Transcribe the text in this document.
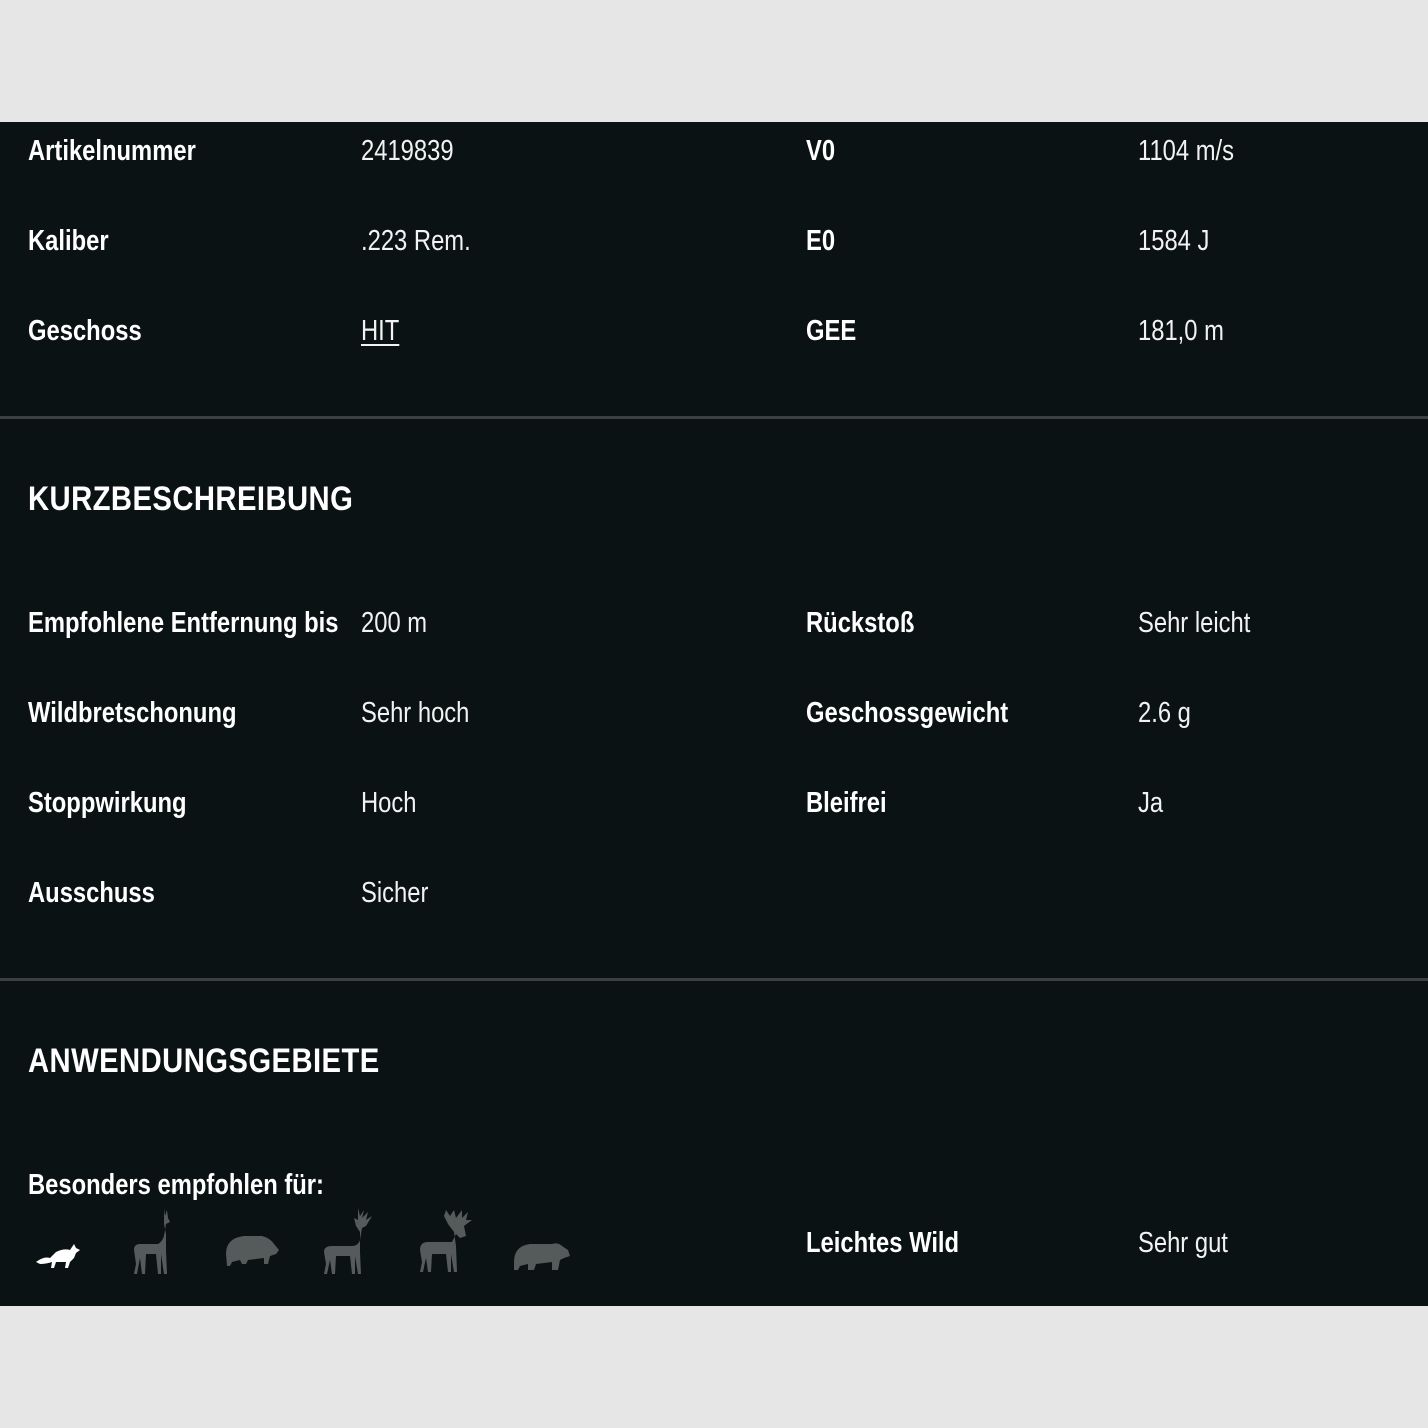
Artikelnummer	2419839	V0	1104 m/s
Kaliber	.223 Rem.	E0	1584 J
Geschoss	HIT	GEE	181,0 m
KURZBESCHREIBUNG
Empfohlene Entfernung bis 200 m	Rückstoß	Sehr leicht
Wildbretschonung	Sehr hoch	Geschossgewicht	2.6 g
Stoppwirkung	Hoch	Bleifrei	Ja
Ausschuss	Sicher
ANWENDUNGSGEBIETE
Besonders empfohlen für:
Leichtes Wild	Sehr gut
